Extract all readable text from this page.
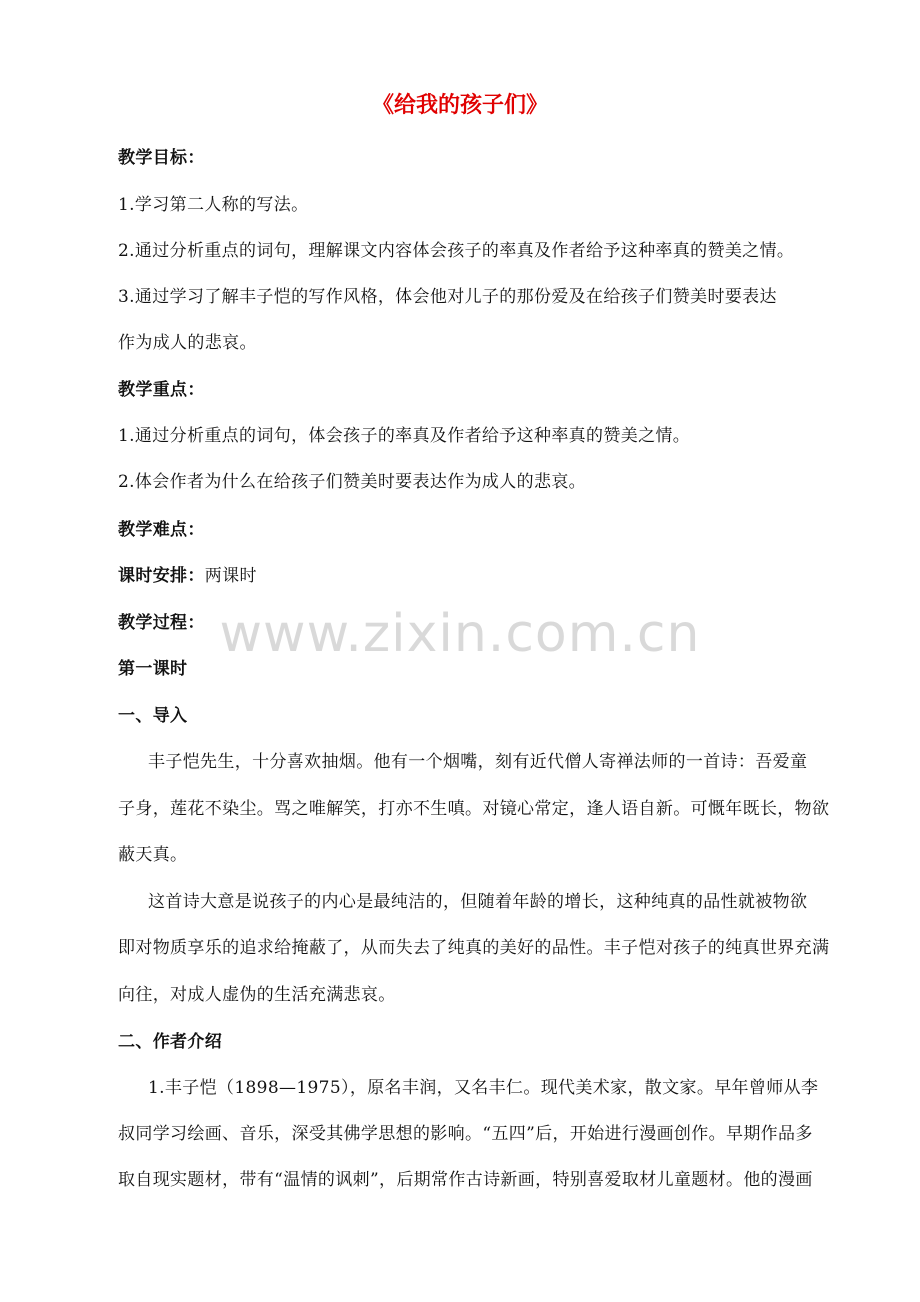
www.zixin.com.cn
《给我的孩子们》
教学目标：
1.学习第二人称的写法。
2.通过分析重点的词句，理解课文内容体会孩子的率真及作者给予这种率真的赞美之情。
3.通过学习了解丰子恺的写作风格，体会他对儿子的那份爱及在给孩子们赞美时要表达
作为成人的悲哀。
教学重点：
1.通过分析重点的词句，体会孩子的率真及作者给予这种率真的赞美之情。
2.体会作者为什么在给孩子们赞美时要表达作为成人的悲哀。
教学难点：
课时安排：两课时
教学过程：
第一课时
一、导入
丰子恺先生，十分喜欢抽烟。他有一个烟嘴，刻有近代僧人寄禅法师的一首诗：吾爱童
子身，莲花不染尘。骂之唯解笑，打亦不生嗔。对镜心常定，逢人语自新。可慨年既长，物欲
蔽天真。
这首诗大意是说孩子的内心是最纯洁的，但随着年龄的增长，这种纯真的品性就被物欲
即对物质享乐的追求给掩蔽了，从而失去了纯真的美好的品性。丰子恺对孩子的纯真世界充满
向往，对成人虚伪的生活充满悲哀。
二、作者介绍
1.丰子恺（1898—1975），原名丰润，又名丰仁。现代美术家，散文家。早年曾师从李
叔同学习绘画、音乐，深受其佛学思想的影响。“五四”后，开始进行漫画创作。早期作品多
取自现实题材，带有“温情的讽刺”，后期常作古诗新画，特别喜爱取材儿童题材。他的漫画
